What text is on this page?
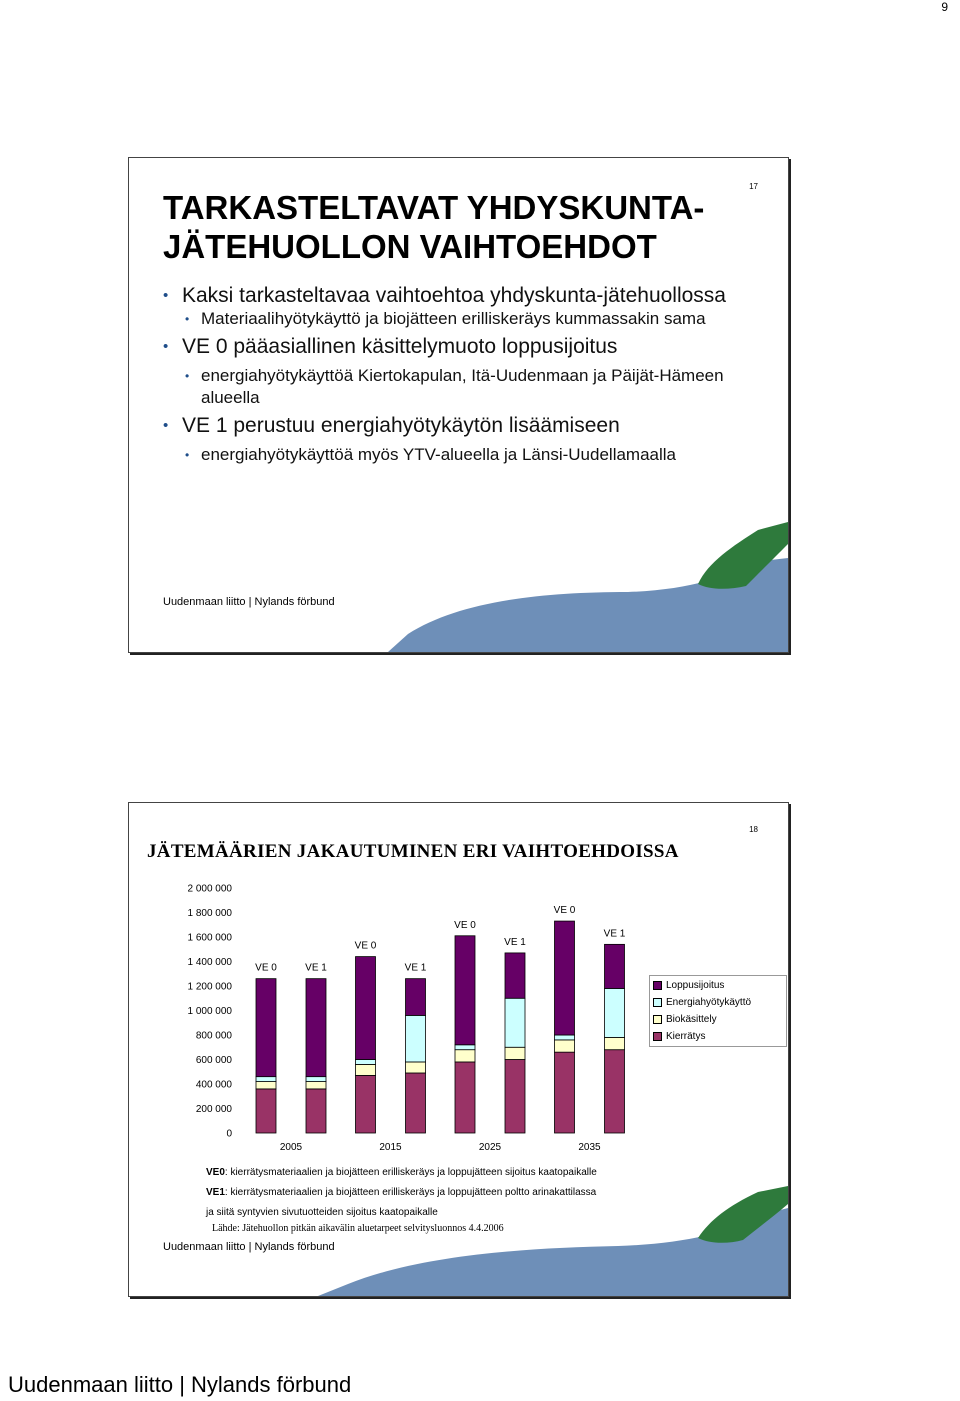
9
17
TARKASTELTAVAT YHDYSKUNTA-JÄTEHUOLLON VAIHTOEHDOT
• Kaksi tarkasteltavaa vaihtoehtoa yhdyskunta-jätehuollossa
• Materiaalihyötykäyttö ja biojätteen erilliskeräys kummassakin sama
• VE 0 pääasiallinen käsittelymuoto loppusijoitus
• energiahyötykäyttöä Kiertokapulan, Itä-Uudenmaan ja Päijät-Hämeen alueella
• VE 1 perustuu energiahyötykäytön lisäämiseen
• energiahyötykäyttöä myös YTV-alueella ja Länsi-Uudellamaalla
Uudenmaan liitto | Nylands förbund
18
JÄTEMÄÄRIEN JAKAUTUMINEN ERI VAIHTOEHDOISSA
0
200 000
400 000
600 000
800 000
1 000 000
1 200 000
1 400 000
1 600 000
1 800 000
2 000 000
VE 0	VE 1
VE 0
VE 1
VE 0
VE 1
VE 0
VE 1
2005	2015	2025	2035
Loppusijoitus
Energiahyötykäyttö
Biokäsittely
Kierrätys

VE0: kierrätysmateriaalien ja biojätteen erilliskeräys ja loppujätteen sijoitus kaatopaikalle

VE1: kierrätysmateriaalien ja biojätteen erilliskeräys ja loppujätteen poltto arinakattilassa

ja siitä syntyvien sivutuotteiden sijoitus kaatopaikalle

Lähde: Jätehuollon pitkän aikavälin aluetarpeet selvitysluonnos 4.4.2006
Uudenmaan liitto | Nylands förbund
Uudenmaan liitto | Nylands förbund
